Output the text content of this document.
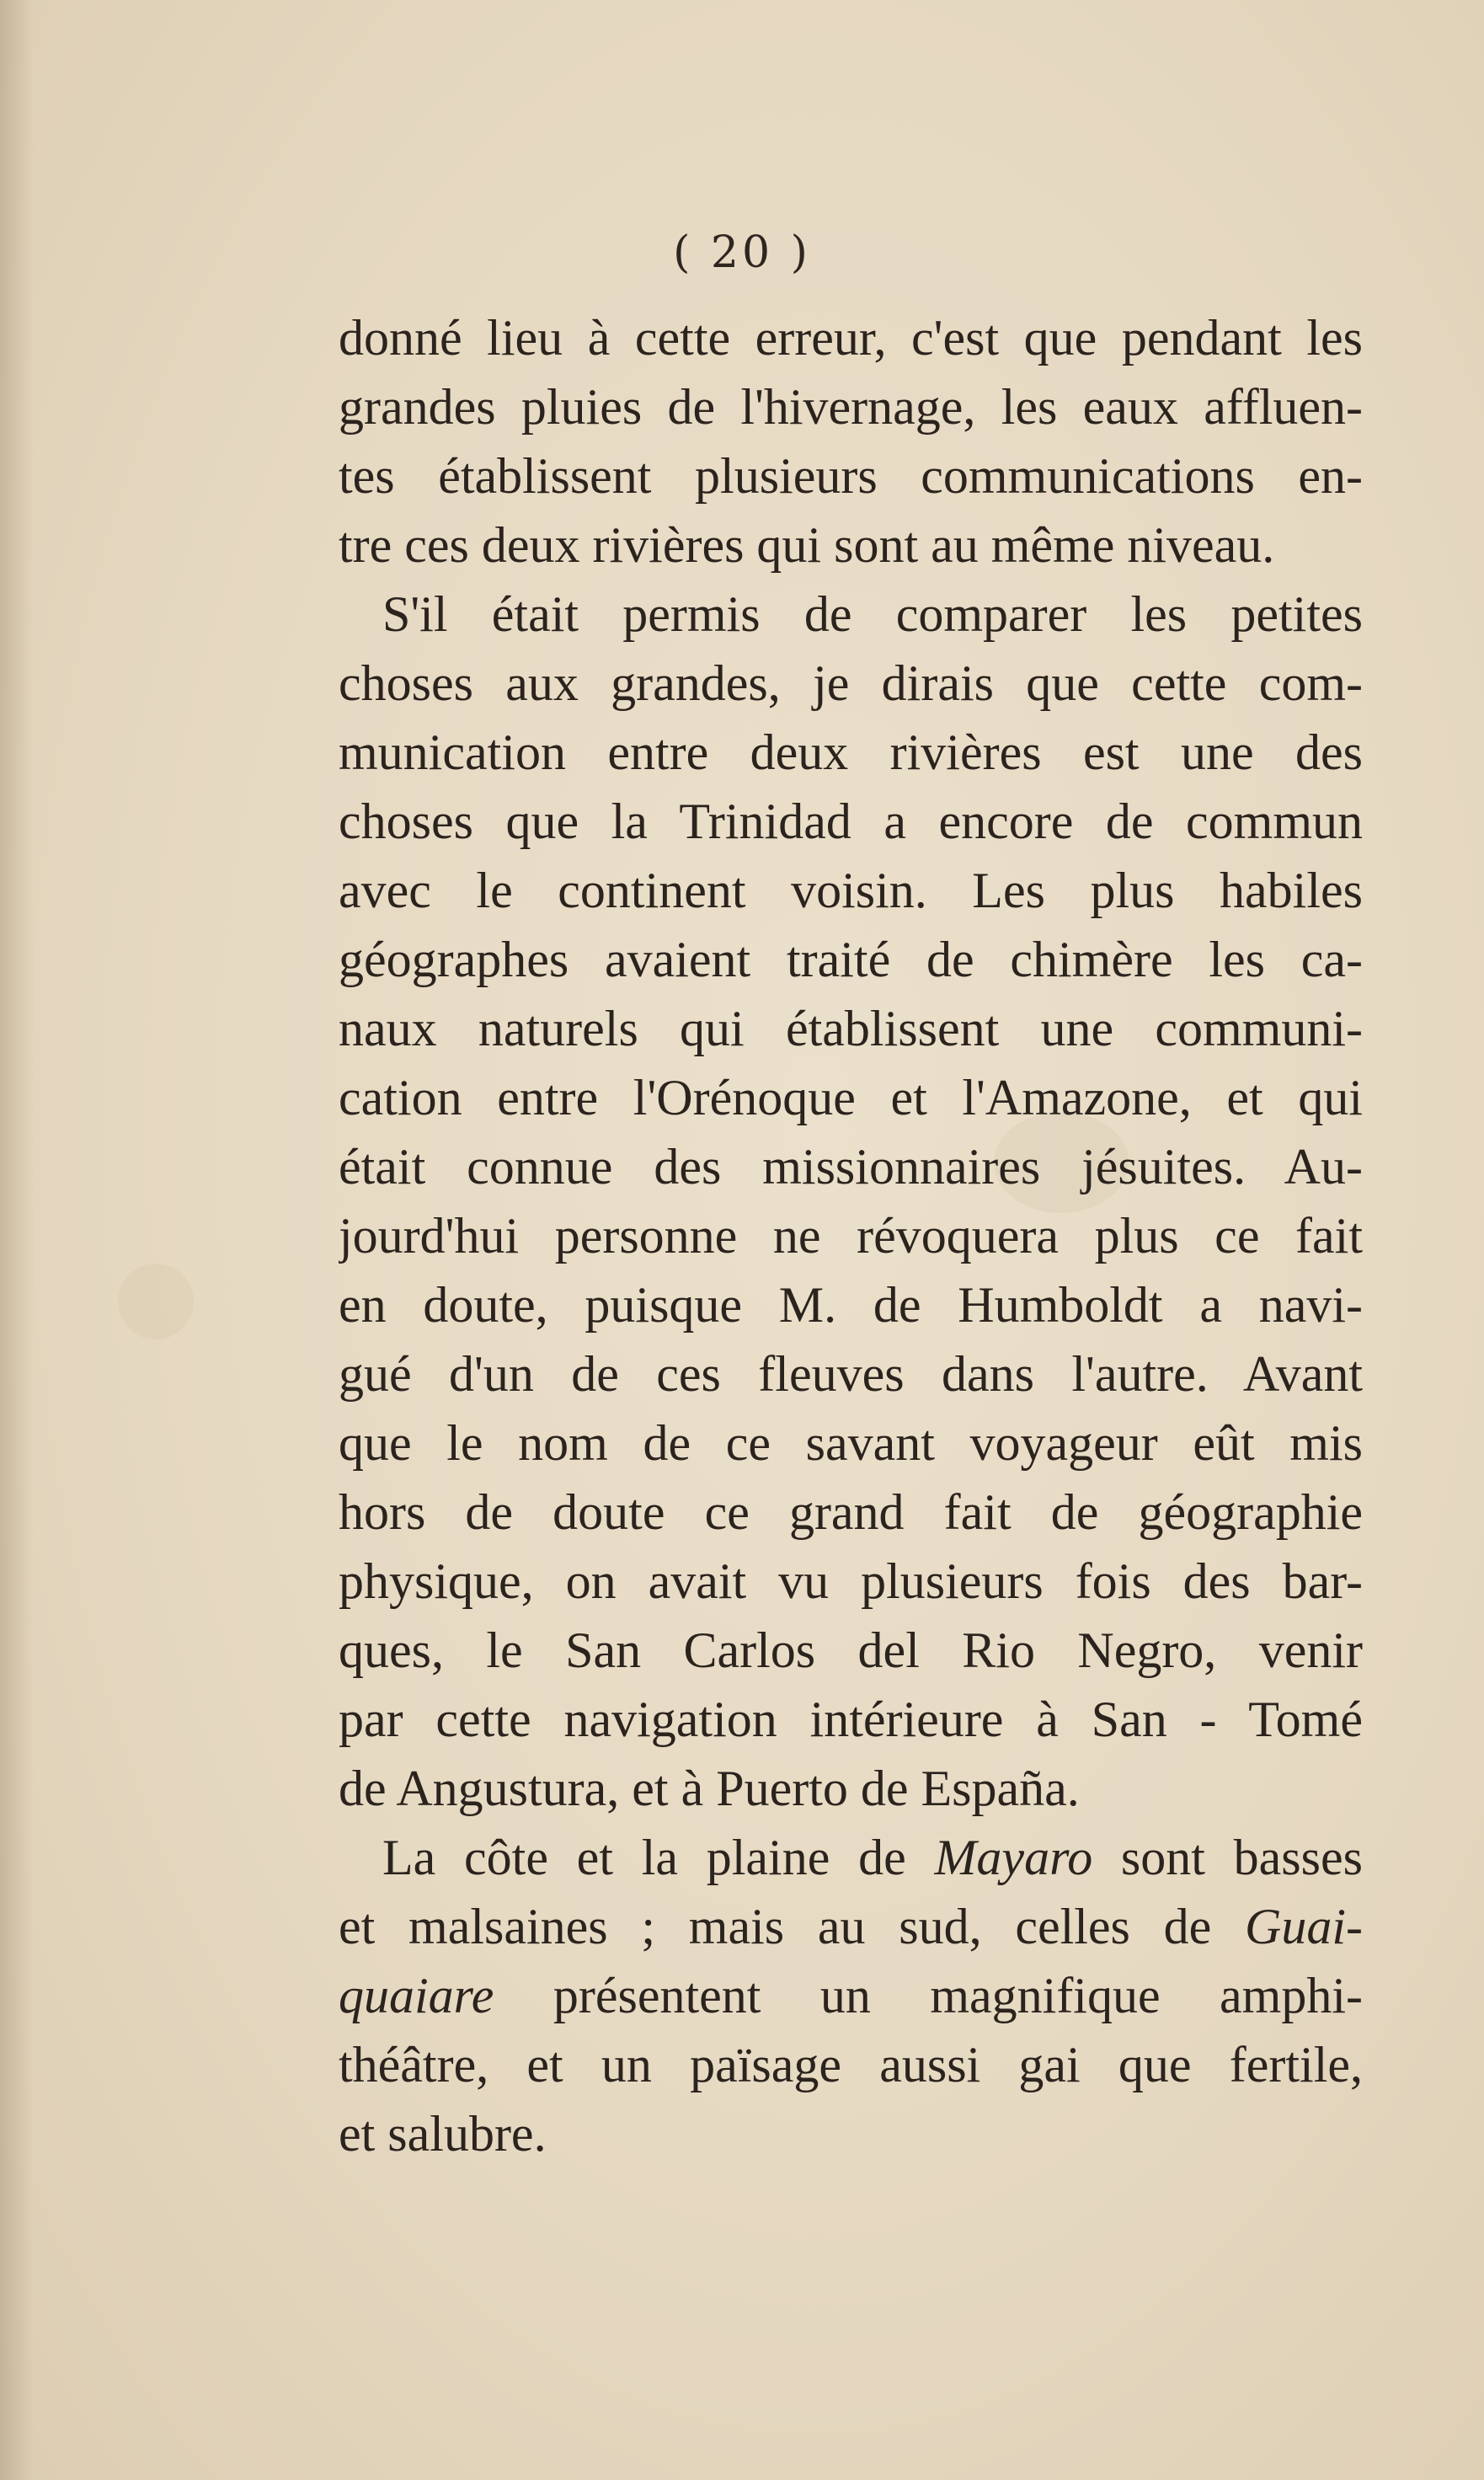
( 20 )
donné lieu à cette erreur, c'est que pendant les
grandes pluies de l'hivernage, les eaux affluen-
tes établissent plusieurs communications en-
tre ces deux rivières qui sont au même niveau.
S'il était permis de comparer les petites
choses aux grandes, je dirais que cette com-
munication entre deux rivières est une des
choses que la Trinidad a encore de commun
avec le continent voisin. Les plus habiles
géographes avaient traité de chimère les ca-
naux naturels qui établissent une communi-
cation entre l'Orénoque et l'Amazone, et qui
était connue des missionnaires jésuites. Au-
jourd'hui personne ne révoquera plus ce fait
en doute, puisque M. de Humboldt a navi-
gué d'un de ces fleuves dans l'autre. Avant
que le nom de ce savant voyageur eût mis
hors de doute ce grand fait de géographie
physique, on avait vu plusieurs fois des bar-
ques, le San Carlos del Rio Negro, venir
par cette navigation intérieure à San - Tomé
de Angustura, et à Puerto de España.
La côte et la plaine de Mayaro sont basses
et malsaines ; mais au sud, celles de Guai-
quaiare présentent un magnifique amphi-
théâtre, et un païsage aussi gai que fertile,
et salubre.
